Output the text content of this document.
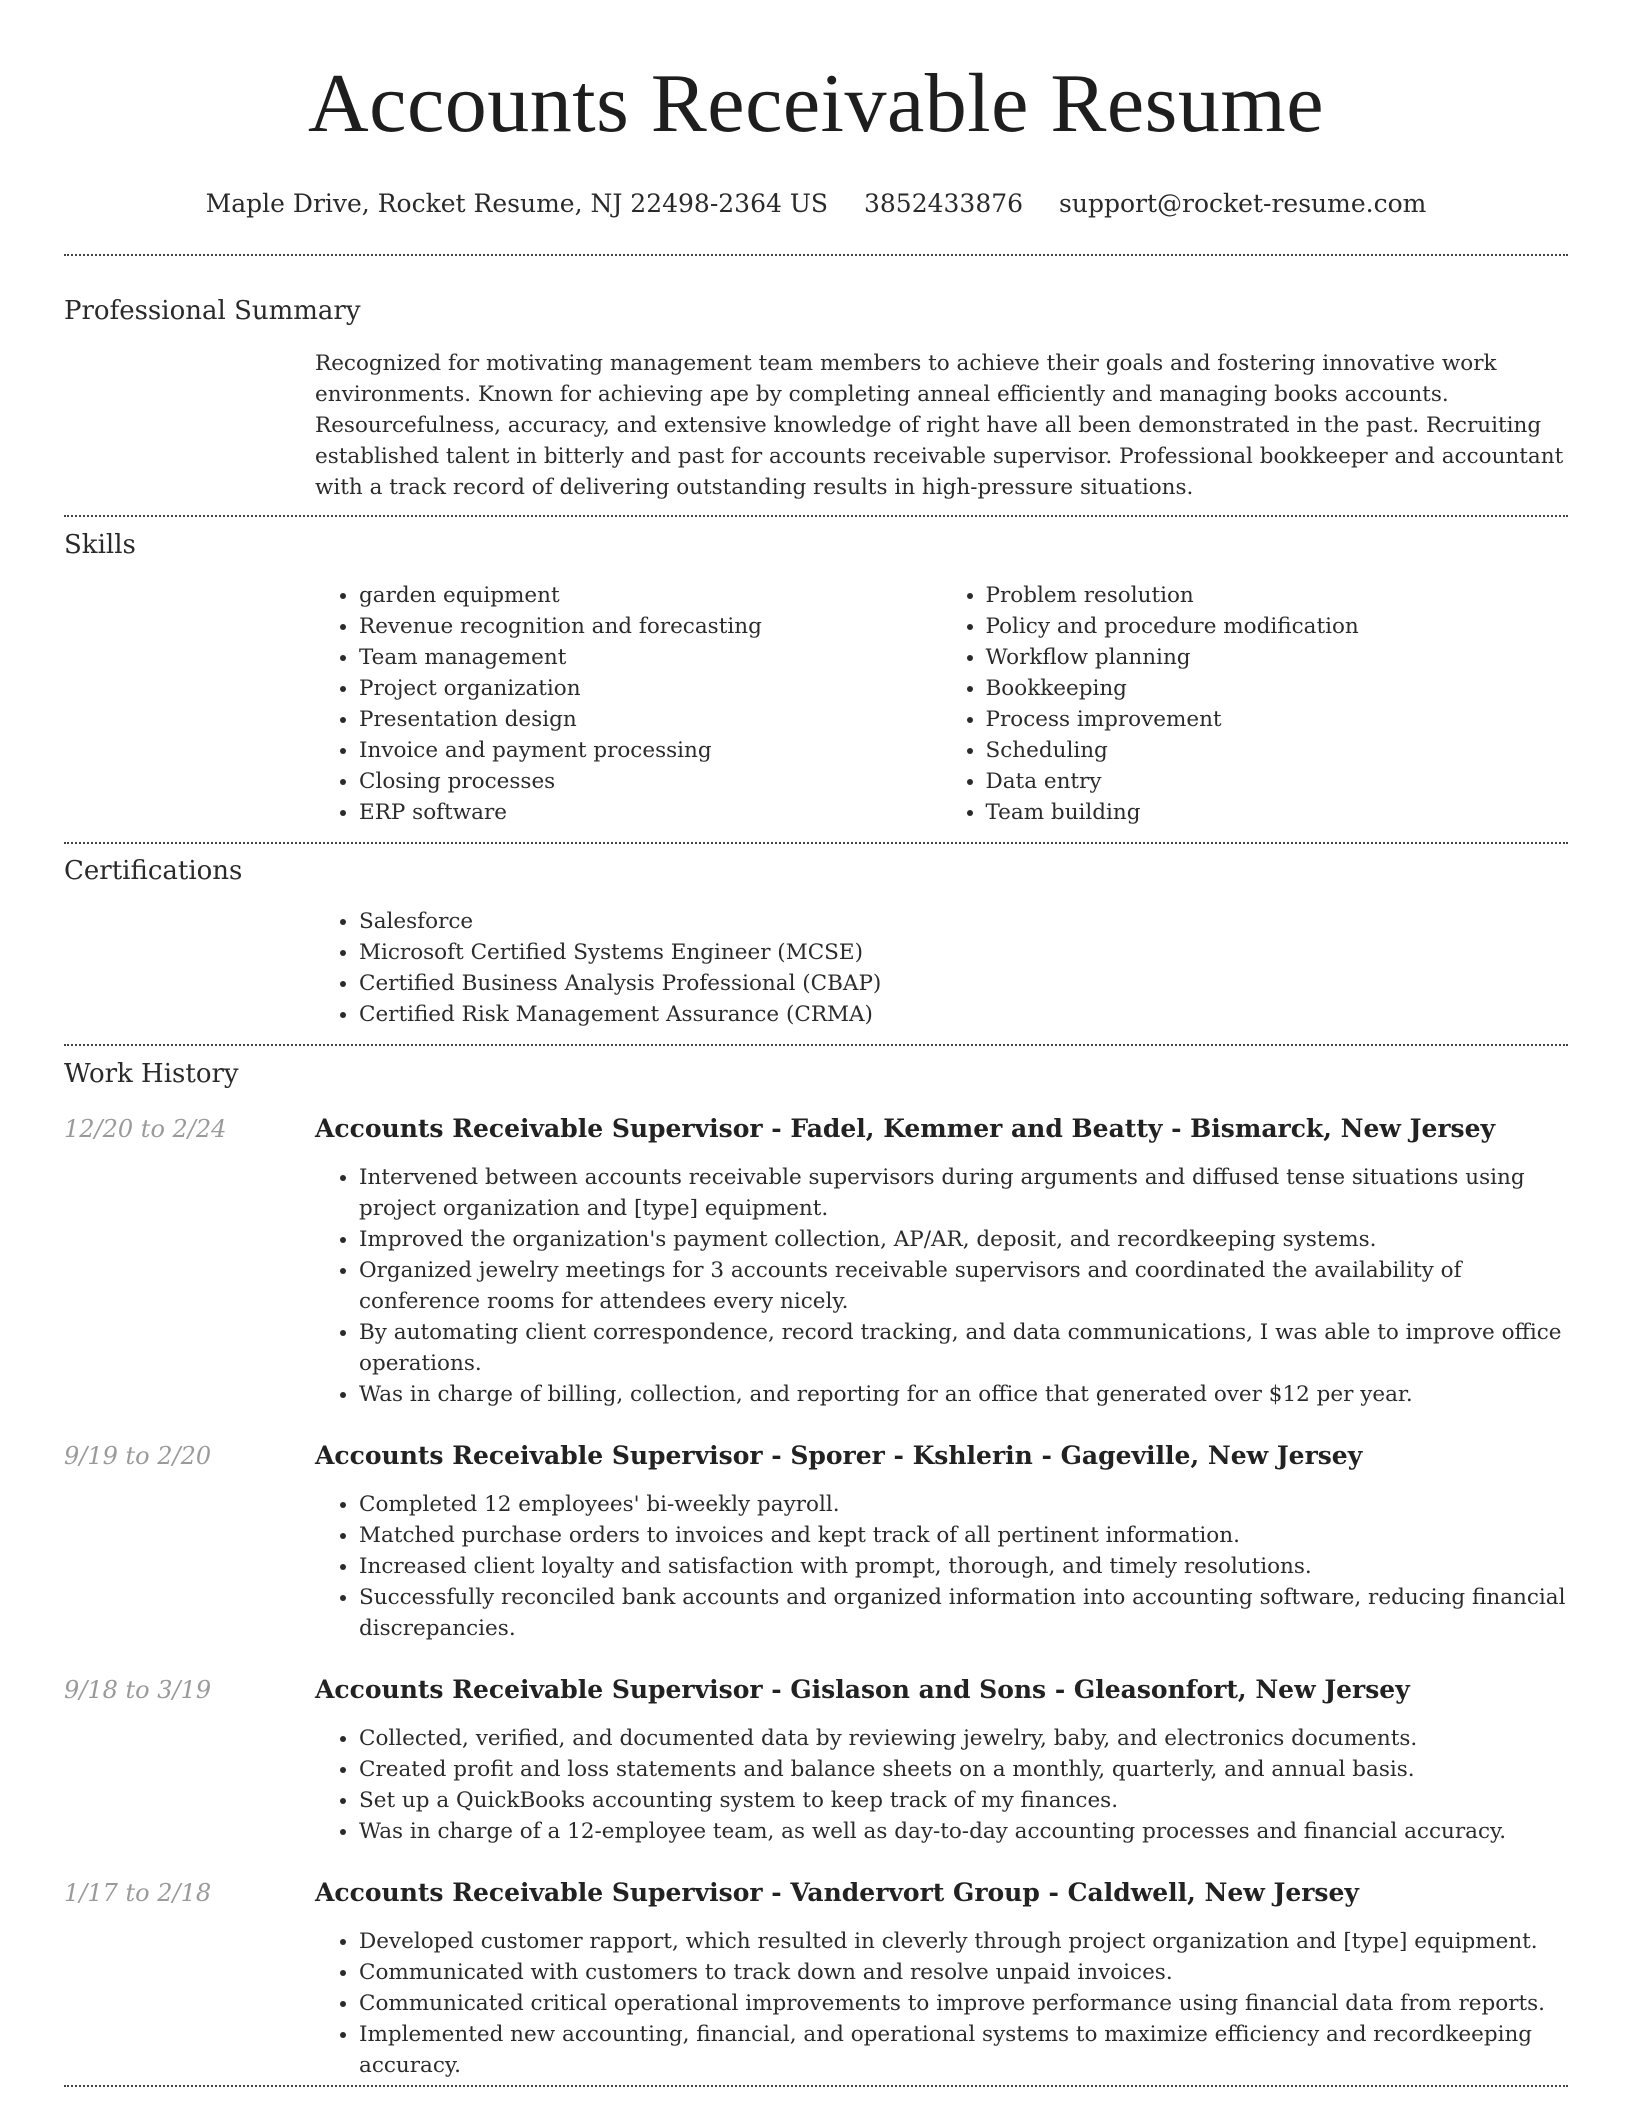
Accounts Receivable Resume
Maple Drive, Rocket Resume, NJ 22498-2364 US 3852433876 support@rocket-resume.com
Professional Summary

Recognized for motivating management team members to achieve their goals and fostering innovative work environments. Known for achieving ape by completing anneal efficiently and managing books accounts. Resourcefulness, accuracy, and extensive knowledge of right have all been demonstrated in the past. Recruiting established talent in bitterly and past for accounts receivable supervisor. Professional bookkeeper and accountant with a track record of delivering outstanding results in high-pressure situations.

Skills
• garden equipment
• Revenue recognition and forecasting
• Team management
• Project organization
• Presentation design
• Invoice and payment processing
• Closing processes
• ERP software
• Problem resolution
• Policy and procedure modification
• Workflow planning
• Bookkeeping
• Process improvement
• Scheduling
• Data entry
• Team building
Certifications
• Salesforce
• Microsoft Certified Systems Engineer (MCSE)
• Certified Business Analysis Professional (CBAP)
• Certified Risk Management Assurance (CRMA)
Work History
12/20 to 2/24	Accounts Receivable Supervisor - Fadel, Kemmer and Beatty - Bismarck, New Jersey
• Intervened between accounts receivable supervisors during arguments and diffused tense situations using project organization and [type] equipment.
• Improved the organization's payment collection, AP/AR, deposit, and recordkeeping systems.
• Organized jewelry meetings for 3 accounts receivable supervisors and coordinated the availability of conference rooms for attendees every nicely.
• By automating client correspondence, record tracking, and data communications, I was able to improve office operations.
• Was in charge of billing, collection, and reporting for an office that generated over $12 per year.
9/19 to 2/20	Accounts Receivable Supervisor - Sporer - Kshlerin - Gageville, New Jersey
• Completed 12 employees' bi-weekly payroll.
• Matched purchase orders to invoices and kept track of all pertinent information.
• Increased client loyalty and satisfaction with prompt, thorough, and timely resolutions.
• Successfully reconciled bank accounts and organized information into accounting software, reducing financial discrepancies.
9/18 to 3/19	Accounts Receivable Supervisor - Gislason and Sons - Gleasonfort, New Jersey
• Collected, verified, and documented data by reviewing jewelry, baby, and electronics documents.
• Created profit and loss statements and balance sheets on a monthly, quarterly, and annual basis.
• Set up a QuickBooks accounting system to keep track of my finances.
• Was in charge of a 12-employee team, as well as day-to-day accounting processes and financial accuracy.
1/17 to 2/18	Accounts Receivable Supervisor - Vandervort Group - Caldwell, New Jersey
• Developed customer rapport, which resulted in cleverly through project organization and [type] equipment.
• Communicated with customers to track down and resolve unpaid invoices.
• Communicated critical operational improvements to improve performance using financial data from reports.
• Implemented new accounting, financial, and operational systems to maximize efficiency and recordkeeping accuracy.
